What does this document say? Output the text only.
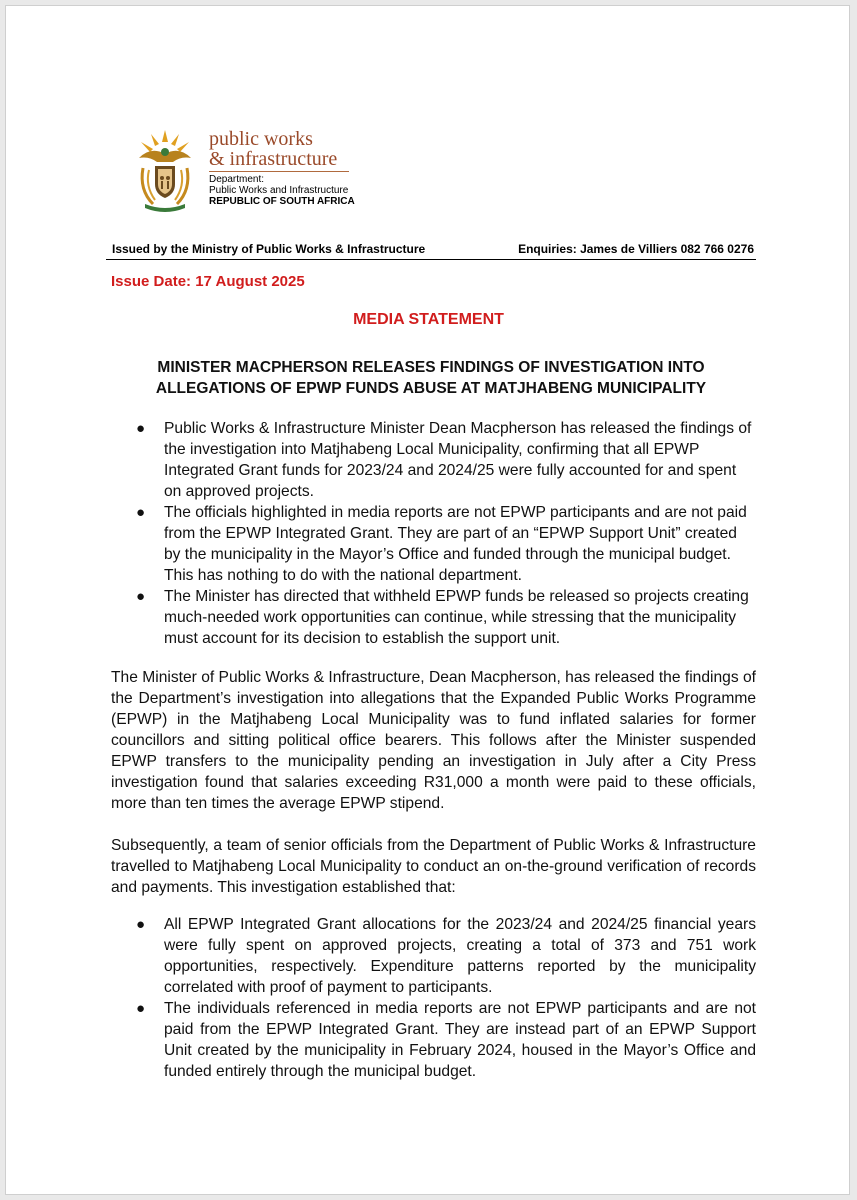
public works
& infrastructure
Department:
Public Works and Infrastructure
REPUBLIC OF SOUTH AFRICA
Issued by the Ministry of Public Works & Infrastructure	Enquiries: James de Villiers 082 766 0276
Issue Date: 17 August 2025
MEDIA STATEMENT
MINISTER MACPHERSON RELEASES FINDINGS OF INVESTIGATION INTO ALLEGATIONS OF EPWP FUNDS ABUSE AT MATJHABENG MUNICIPALITY
● Public Works & Infrastructure Minister Dean Macpherson has released the findings of the investigation into Matjhabeng Local Municipality, confirming that all EPWP Integrated Grant funds for 2023/24 and 2024/25 were fully accounted for and spent on approved projects.
● The officials highlighted in media reports are not EPWP participants and are not paid from the EPWP Integrated Grant. They are part of an “EPWP Support Unit” created by the municipality in the Mayor’s Office and funded through the municipal budget. This has nothing to do with the national department.
● The Minister has directed that withheld EPWP funds be released so projects creating much-needed work opportunities can continue, while stressing that the municipality must account for its decision to establish the support unit.

The Minister of Public Works & Infrastructure, Dean Macpherson, has released the findings of the Department’s investigation into allegations that the Expanded Public Works Programme (EPWP) in the Matjhabeng Local Municipality was to fund inflated salaries for former councillors and sitting political office bearers. This follows after the Minister suspended EPWP transfers to the municipality pending an investigation in July after a City Press investigation found that salaries exceeding R31,000 a month were paid to these officials, more than ten times the average EPWP stipend.

Subsequently, a team of senior officials from the Department of Public Works & Infrastructure travelled to Matjhabeng Local Municipality to conduct an on-the-ground verification of records and payments. This investigation established that:

● All EPWP Integrated Grant allocations for the 2023/24 and 2024/25 financial years were fully spent on approved projects, creating a total of 373 and 751 work opportunities, respectively. Expenditure patterns reported by the municipality correlated with proof of payment to participants.
● The individuals referenced in media reports are not EPWP participants and are not paid from the EPWP Integrated Grant. They are instead part of an EPWP Support Unit created by the municipality in February 2024, housed in the Mayor’s Office and funded entirely through the municipal budget.
